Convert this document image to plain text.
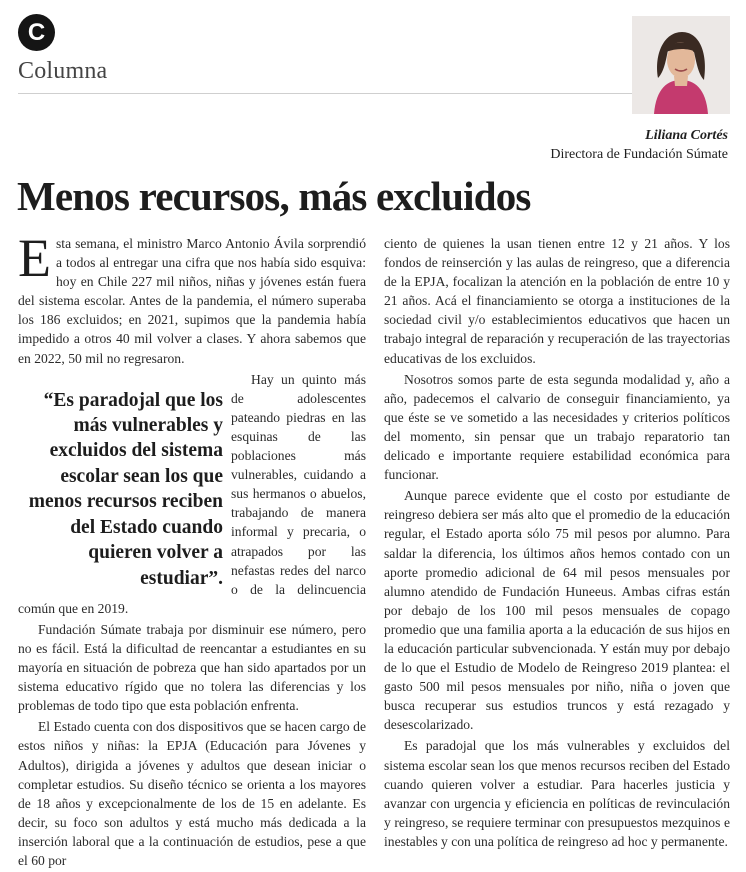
C
Columna
Liliana Cortés
Directora de Fundación Súmate
Menos recursos, más excluidos

Esta semana, el ministro Marco Antonio Ávila sorprendió a todos al entregar una cifra que nos había sido esquiva: hoy en Chile 227 mil niños, niñas y jóvenes están fuera del sistema escolar. Antes de la pandemia, el número superaba los 186 excluidos; en 2021, supimos que la pandemia había impedido a otros 40 mil volver a clases. Y ahora sabemos que en 2022, 50 mil no regresaron.

“Es paradojal que los más vulnerables y excluidos del sistema escolar sean los que menos recursos reciben del Estado cuando quieren volver a estudiar”.
Hay un quinto más de adolescentes pateando piedras en las esquinas de las poblaciones más vulnerables, cuidando a sus hermanos o abuelos, trabajando de manera informal y precaria, o atrapados por las nefastas redes del narco o de la delincuencia común que en 2019.

Fundación Súmate trabaja por disminuir ese número, pero no es fácil. Está la dificultad de reencantar a estudiantes en su mayoría en situación de pobreza que han sido apartados por un sistema educativo rígido que no tolera las diferencias y los problemas de todo tipo que esta población enfrenta.

El Estado cuenta con dos dispositivos que se hacen cargo de estos niños y niñas: la EPJA (Educación para Jóvenes y Adultos), dirigida a jóvenes y adultos que desean iniciar o completar estudios. Su diseño técnico se orienta a los mayores de 18 años y excepcionalmente de los de 15 en adelante. Es decir, su foco son adultos y está mucho más dedicada a la inserción laboral que a la continuación de estudios, pese a que el 60 por

ciento de quienes la usan tienen entre 12 y 21 años. Y los fondos de reinserción y las aulas de reingreso, que a diferencia de la EPJA, focalizan la atención en la población de entre 10 y 21 años. Acá el financiamiento se otorga a instituciones de la sociedad civil y/o establecimientos educativos que hacen un trabajo integral de reparación y recuperación de las trayectorias educativas de los excluidos.

Nosotros somos parte de esta segunda modalidad y, año a año, padecemos el calvario de conseguir financiamiento, ya que éste se ve sometido a las necesidades y criterios políticos del momento, sin pensar que un trabajo reparatorio tan delicado e importante requiere estabilidad económica para funcionar.

Aunque parece evidente que el costo por estudiante de reingreso debiera ser más alto que el promedio de la educación regular, el Estado aporta sólo 75 mil pesos por alumno. Para saldar la diferencia, los últimos años hemos contado con un aporte promedio adicional de 64 mil pesos mensuales por alumno atendido de Fundación Huneeus. Ambas cifras están por debajo de los 100 mil pesos mensuales de copago promedio que una familia aporta a la educación de sus hijos en la educación particular subvencionada. Y están muy por debajo de lo que el Estudio de Modelo de Reingreso 2019 plantea: el gasto 500 mil pesos mensuales por niño, niña o joven que busca recuperar sus estudios truncos y está rezagado y desescolarizado.

Es paradojal que los más vulnerables y excluidos del sistema escolar sean los que menos recursos reciben del Estado cuando quieren volver a estudiar. Para hacerles justicia y avanzar con urgencia y eficiencia en políticas de revinculación y reingreso, se requiere terminar con presupuestos mezquinos e inestables y con una política de reingreso ad hoc y permanente.
